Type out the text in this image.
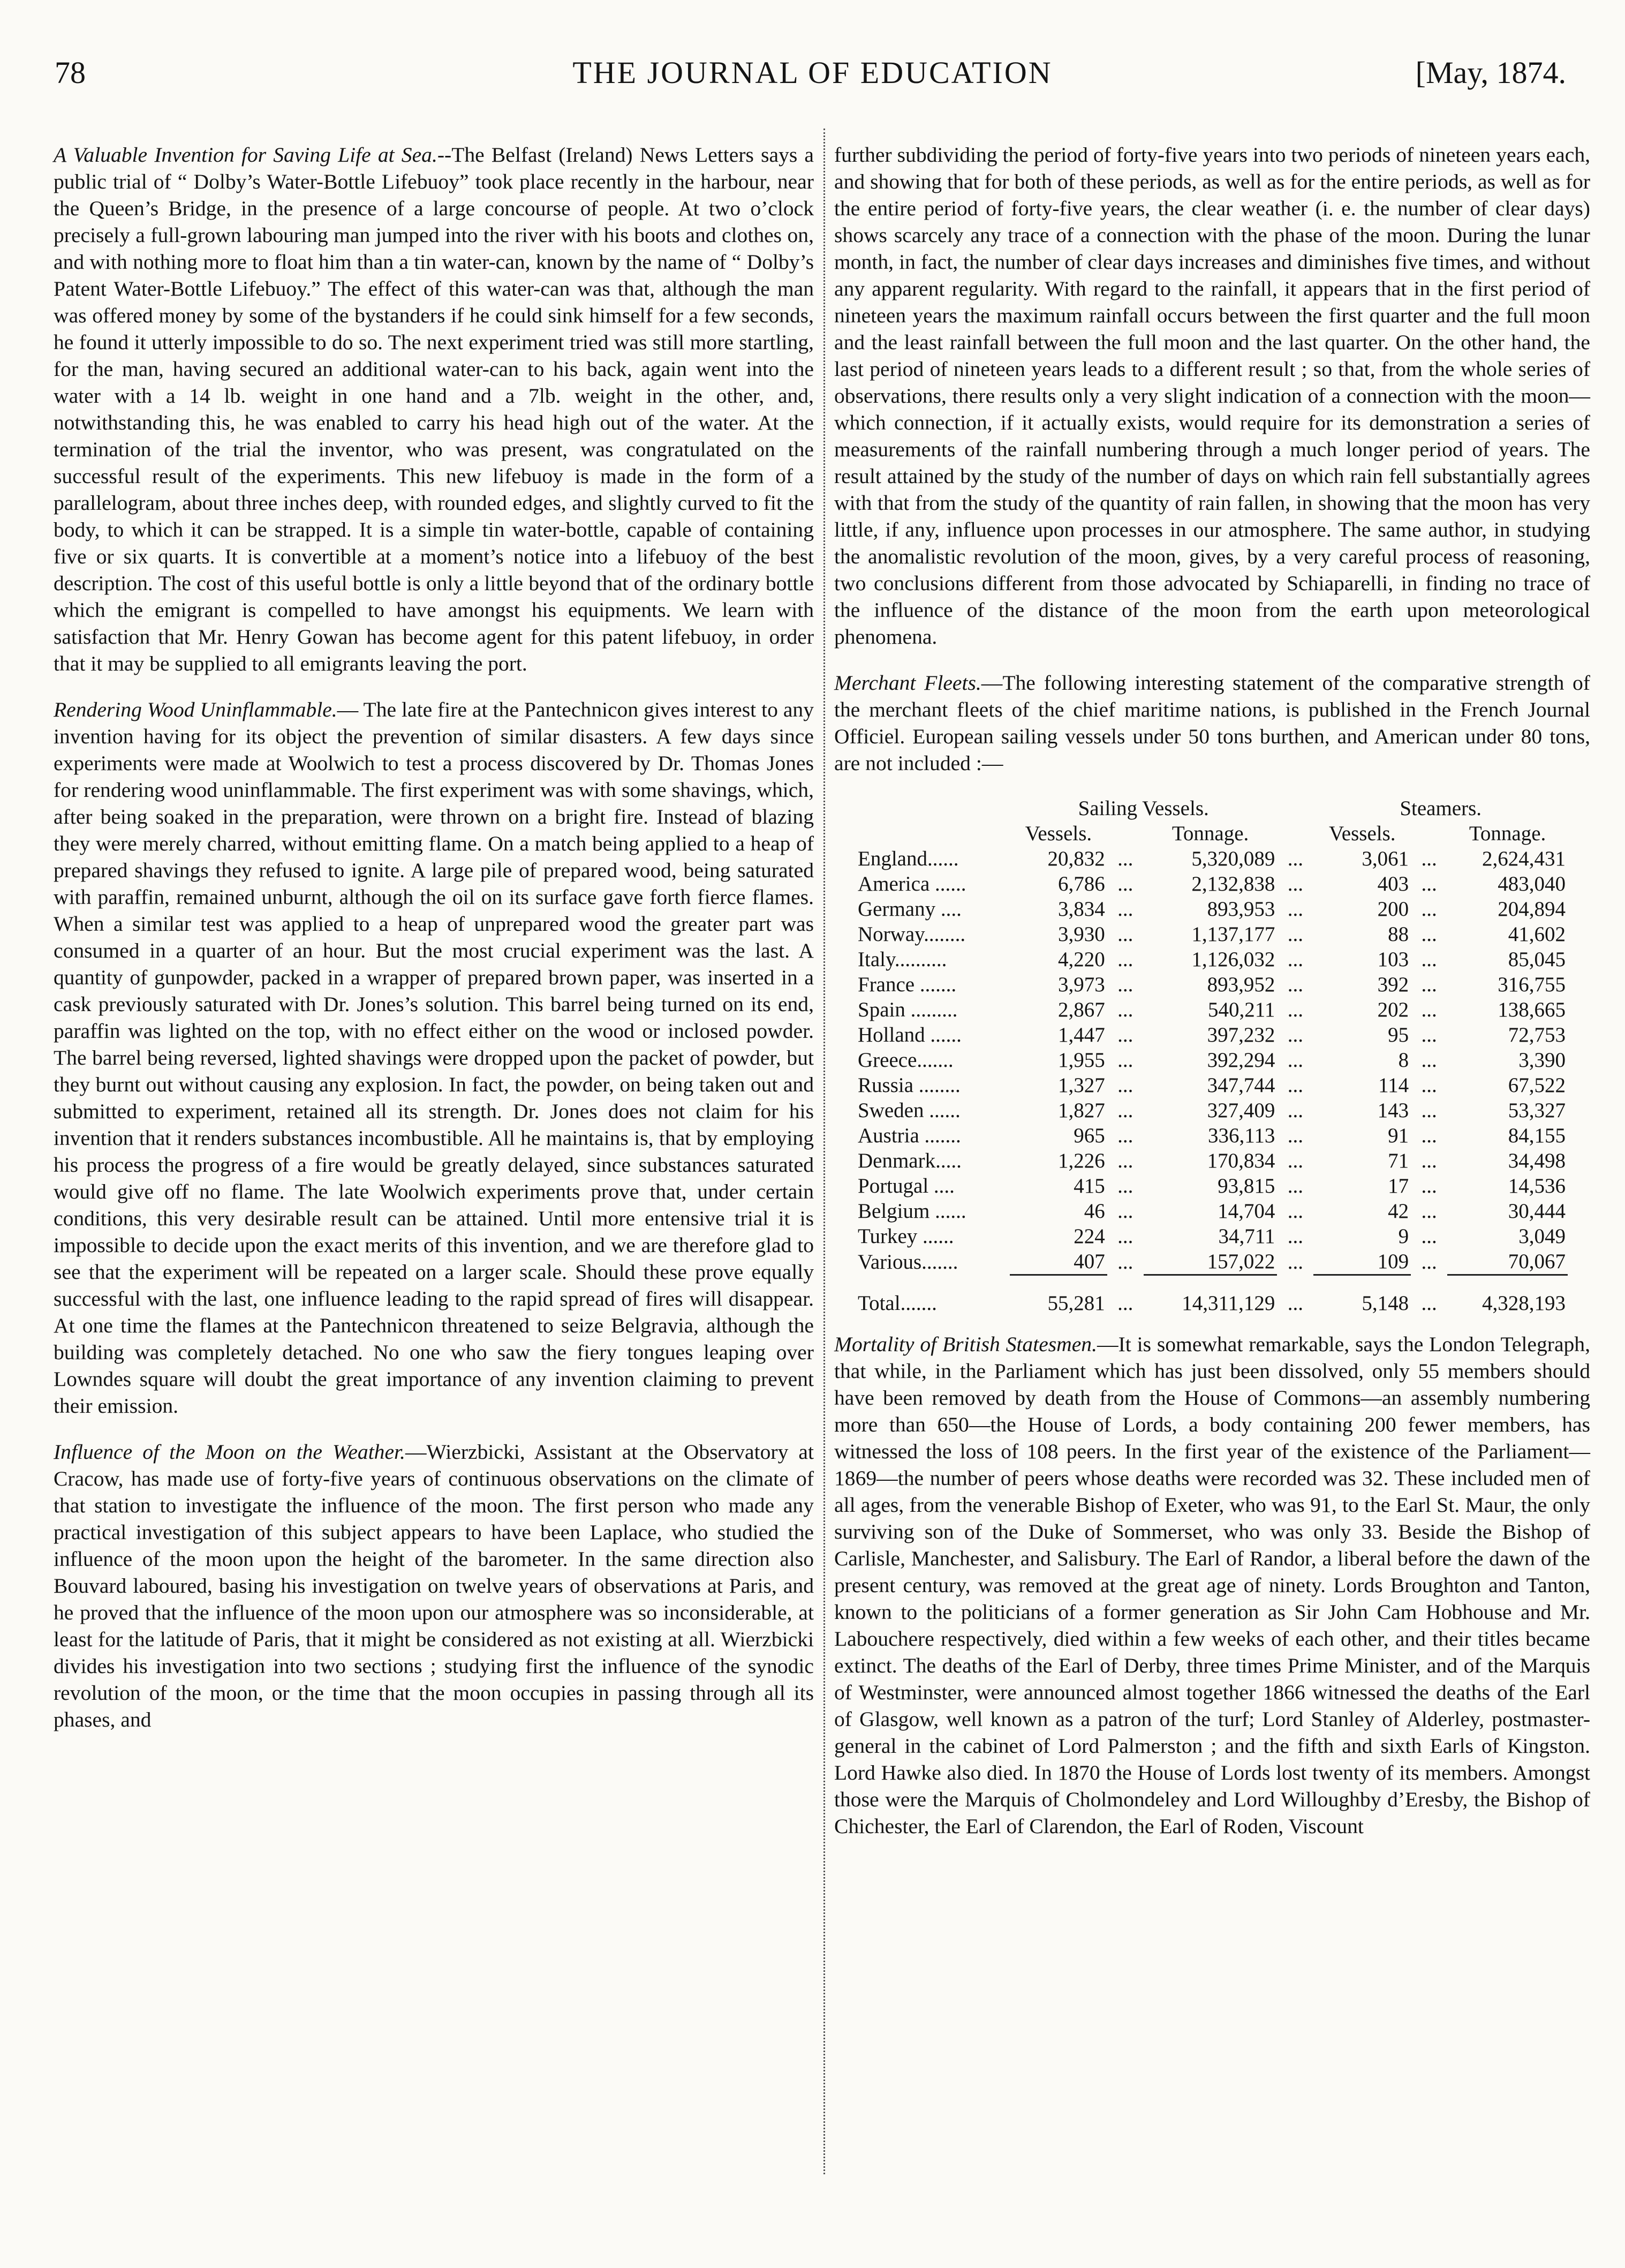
78	THE JOURNAL OF EDUCATION	[May, 1874.

A Valuable Invention for Saving Life at Sea.--The Belfast (Ireland) News Letters says a public trial of “ Dolby’s Water-Bottle Lifebuoy” took place recently in the harbour, near the Queen’s Bridge, in the presence of a large concourse of people. At two o’clock precisely a full-grown labouring man jumped into the river with his boots and clothes on, and with nothing more to float him than a tin water-can, known by the name of “ Dolby’s Patent Water-Bottle Lifebuoy.” The effect of this water-can was that, although the man was offered money by some of the bystanders if he could sink himself for a few seconds, he found it utterly impossible to do so. The next experiment tried was still more startling, for the man, having secured an additional water-can to his back, again went into the water with a 14 lb. weight in one hand and a 7lb. weight in the other, and, notwithstanding this, he was enabled to carry his head high out of the water. At the termination of the trial the inventor, who was present, was congratulated on the successful result of the experiments. This new lifebuoy is made in the form of a parallelogram, about three inches deep, with rounded edges, and slightly curved to fit the body, to which it can be strapped. It is a simple tin water-bottle, capable of containing five or six quarts. It is convertible at a moment’s notice into a lifebuoy of the best description. The cost of this useful bottle is only a little beyond that of the ordinary bottle which the emigrant is compelled to have amongst his equipments. We learn with satisfaction that Mr. Henry Gowan has become agent for this patent lifebuoy, in order that it may be supplied to all emigrants leaving the port.

Rendering Wood Uninflammable.— The late fire at the Pantechnicon gives interest to any invention having for its object the prevention of similar disasters. A few days since experiments were made at Woolwich to test a process discovered by Dr. Thomas Jones for rendering wood uninflammable. The first experiment was with some shavings, which, after being soaked in the preparation, were thrown on a bright fire. Instead of blazing they were merely charred, without emitting flame. On a match being applied to a heap of prepared shavings they refused to ignite. A large pile of prepared wood, being saturated with paraffin, remained unburnt, although the oil on its surface gave forth fierce flames. When a similar test was applied to a heap of unprepared wood the greater part was consumed in a quarter of an hour. But the most crucial experiment was the last. A quantity of gunpowder, packed in a wrapper of prepared brown paper, was inserted in a cask previously saturated with Dr. Jones’s solution. This barrel being turned on its end, paraffin was lighted on the top, with no effect either on the wood or inclosed powder. The barrel being reversed, lighted shavings were dropped upon the packet of powder, but they burnt out without causing any explosion. In fact, the powder, on being taken out and submitted to experiment, retained all its strength. Dr. Jones does not claim for his invention that it renders substances incombustible. All he maintains is, that by employing his process the progress of a fire would be greatly delayed, since substances saturated would give off no flame. The late Woolwich experiments prove that, under certain conditions, this very desirable result can be attained. Until more entensive trial it is impossible to decide upon the exact merits of this invention, and we are therefore glad to see that the experiment will be repeated on a larger scale. Should these prove equally successful with the last, one influence leading to the rapid spread of fires will disappear. At one time the flames at the Pantechnicon threatened to seize Belgravia, although the building was completely detached. No one who saw the fiery tongues leaping over Lowndes square will doubt the great importance of any invention claiming to prevent their emission.

Influence of the Moon on the Weather.—Wierzbicki, Assistant at the Observatory at Cracow, has made use of forty-five years of continuous observations on the climate of that station to investigate the influence of the moon. The first person who made any practical investigation of this subject appears to have been Laplace, who studied the influence of the moon upon the height of the barometer. In the same direction also Bouvard laboured, basing his investigation on twelve years of observations at Paris, and he proved that the influence of the moon upon our atmosphere was so inconsiderable, at least for the latitude of Paris, that it might be considered as not existing at all. Wierzbicki divides his investigation into two sections ; studying first the influence of the synodic revolution of the moon, or the time that the moon occupies in passing through all its phases, and

further subdividing the period of forty-five years into two periods of nineteen years each, and showing that for both of these periods, as well as for the entire periods, as well as for the entire period of forty-five years, the clear weather (i. e. the number of clear days) shows scarcely any trace of a connection with the phase of the moon. During the lunar month, in fact, the number of clear days increases and diminishes five times, and without any apparent regularity. With regard to the rainfall, it appears that in the first period of nineteen years the maximum rainfall occurs between the first quarter and the full moon and the least rainfall between the full moon and the last quarter. On the other hand, the last period of nineteen years leads to a different result ; so that, from the whole series of observations, there results only a very slight indication of a connection with the moon—which connection, if it actually exists, would require for its demonstration a series of measurements of the rainfall numbering through a much longer period of years. The result attained by the study of the number of days on which rain fell substantially agrees with that from the study of the quantity of rain fallen, in showing that the moon has very little, if any, influence upon processes in our atmosphere. The same author, in studying the anomalistic revolution of the moon, gives, by a very careful process of reasoning, two conclusions different from those advocated by Schiaparelli, in finding no trace of the influence of the distance of the moon from the earth upon meteorological phenomena.

Merchant Fleets.—The following interesting statement of the comparative strength of the merchant fleets of the chief maritime nations, is published in the French Journal Officiel. European sailing vessels under 50 tons burthen, and American under 80 tons, are not included :—

	Sailing Vessels.				Steamers.		
	Vessels.		Tonnage.		Vessels.		Tonnage.
England......	20,832	...	5,320,089	...	3,061	...	2,624,431
America ......	6,786	...	2,132,838	...	403	...	483,040
Germany ....	3,834	...	893,953	...	200	...	204,894
Norway........	3,930	...	1,137,177	...	88	...	41,602
Italy..........	4,220	...	1,126,032	...	103	...	85,045
France .......	3,973	...	893,952	...	392	...	316,755
Spain .........	2,867	...	540,211	...	202	...	138,665
Holland ......	1,447	...	397,232	...	95	...	72,753
Greece.......	1,955	...	392,294	...	8	...	3,390
Russia ........	1,327	...	347,744	...	114	...	67,522
Sweden ......	1,827	...	327,409	...	143	...	53,327
Austria .......	965	...	336,113	...	91	...	84,155
Denmark.....	1,226	...	170,834	...	71	...	34,498
Portugal ....	415	...	93,815	...	17	...	14,536
Belgium ......	46	...	14,704	...	42	...	30,444
Turkey ......	224	...	34,711	...	9	...	3,049
Various.......	407	...	157,022	...	109	...	70,067

Total.......	55,281	...	14,311,129	...	5,148	...	4,328,193

Mortality of British Statesmen.—It is somewhat remarkable, says the London Telegraph, that while, in the Parliament which has just been dissolved, only 55 members should have been removed by death from the House of Commons—an assembly numbering more than 650—the House of Lords, a body containing 200 fewer members, has witnessed the loss of 108 peers. In the first year of the existence of the Parliament—1869—the number of peers whose deaths were recorded was 32. These included men of all ages, from the venerable Bishop of Exeter, who was 91, to the Earl St. Maur, the only surviving son of the Duke of Sommerset, who was only 33. Beside the Bishop of Carlisle, Manchester, and Salisbury. The Earl of Randor, a liberal before the dawn of the present century, was removed at the great age of ninety. Lords Broughton and Tanton, known to the politicians of a former generation as Sir John Cam Hobhouse and Mr. Labouchere respectively, died within a few weeks of each other, and their titles became extinct. The deaths of the Earl of Derby, three times Prime Minister, and of the Marquis of Westminster, were announced almost together 1866 witnessed the deaths of the Earl of Glasgow, well known as a patron of the turf; Lord Stanley of Alderley, postmaster-general in the cabinet of Lord Palmerston ; and the fifth and sixth Earls of Kingston. Lord Hawke also died. In 1870 the House of Lords lost twenty of its members. Amongst those were the Marquis of Cholmondeley and Lord Willoughby d’Eresby, the Bishop of Chichester, the Earl of Clarendon, the Earl of Roden, Viscount
